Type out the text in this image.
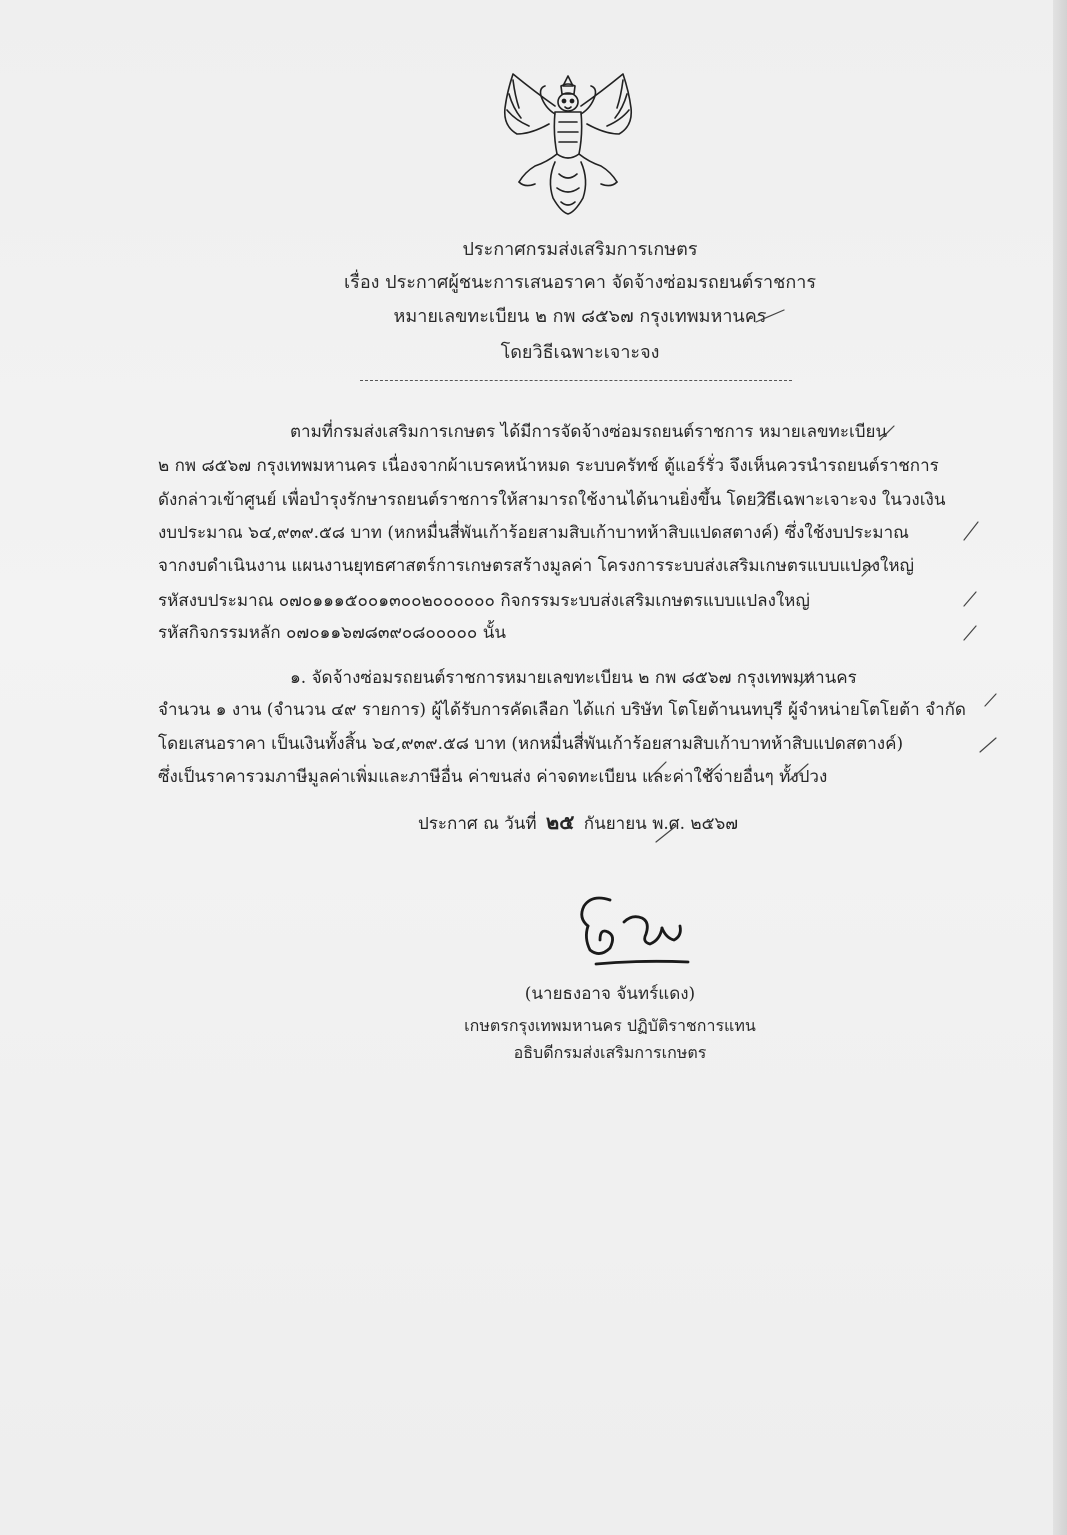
ประกาศกรมส่งเสริมการเกษตร
เรื่อง ประกาศผู้ชนะการเสนอราคา จัดจ้างซ่อมรถยนต์ราชการ
หมายเลขทะเบียน ๒ กพ ๘๕๖๗ กรุงเทพมหานคร
โดยวิธีเฉพาะเจาะจง
ตามที่กรมส่งเสริมการเกษตร ได้มีการจัดจ้างซ่อมรถยนต์ราชการ หมายเลขทะเบียน
๒ กพ ๘๕๖๗ กรุงเทพมหานคร เนื่องจากผ้าเบรคหน้าหมด ระบบครัทช์ ตู้แอร์รั่ว จึงเห็นควรนำรถยนต์ราชการ
ดังกล่าวเข้าศูนย์ เพื่อบำรุงรักษารถยนต์ราชการให้สามารถใช้งานได้นานยิ่งขึ้น โดยวิธีเฉพาะเจาะจง ในวงเงิน
งบประมาณ ๖๔,๙๓๙.๕๘ บาท (หกหมื่นสี่พันเก้าร้อยสามสิบเก้าบาทห้าสิบแปดสตางค์) ซึ่งใช้งบประมาณ
จากงบดำเนินงาน แผนงานยุทธศาสตร์การเกษตรสร้างมูลค่า โครงการระบบส่งเสริมเกษตรแบบแปลงใหญ่
รหัสงบประมาณ ๐๗๐๑๑๑๕๐๐๑๓๐๐๒๐๐๐๐๐๐ กิจกรรมระบบส่งเสริมเกษตรแบบแปลงใหญ่
รหัสกิจกรรมหลัก ๐๗๐๑๑๖๗๘๓๙๐๘๐๐๐๐๐ นั้น
๑. จัดจ้างซ่อมรถยนต์ราชการหมายเลขทะเบียน ๒ กพ ๘๕๖๗ กรุงเทพมหานคร
จำนวน ๑ งาน (จำนวน ๔๙ รายการ) ผู้ได้รับการคัดเลือก ได้แก่ บริษัท โตโยต้านนทบุรี ผู้จำหน่ายโตโยต้า จำกัด
โดยเสนอราคา เป็นเงินทั้งสิ้น ๖๔,๙๓๙.๕๘ บาท (หกหมื่นสี่พันเก้าร้อยสามสิบเก้าบาทห้าสิบแปดสตางค์)
ซึ่งเป็นราคารวมภาษีมูลค่าเพิ่มและภาษีอื่น ค่าขนส่ง ค่าจดทะเบียน และค่าใช้จ่ายอื่นๆ ทั้งปวง
ประกาศ ณ วันที่ ๒๕ กันยายน พ.ศ. ๒๕๖๗
(นายธงอาจ จันทร์แดง)
เกษตรกรุงเทพมหานคร ปฏิบัติราชการแทน
อธิบดีกรมส่งเสริมการเกษตร
